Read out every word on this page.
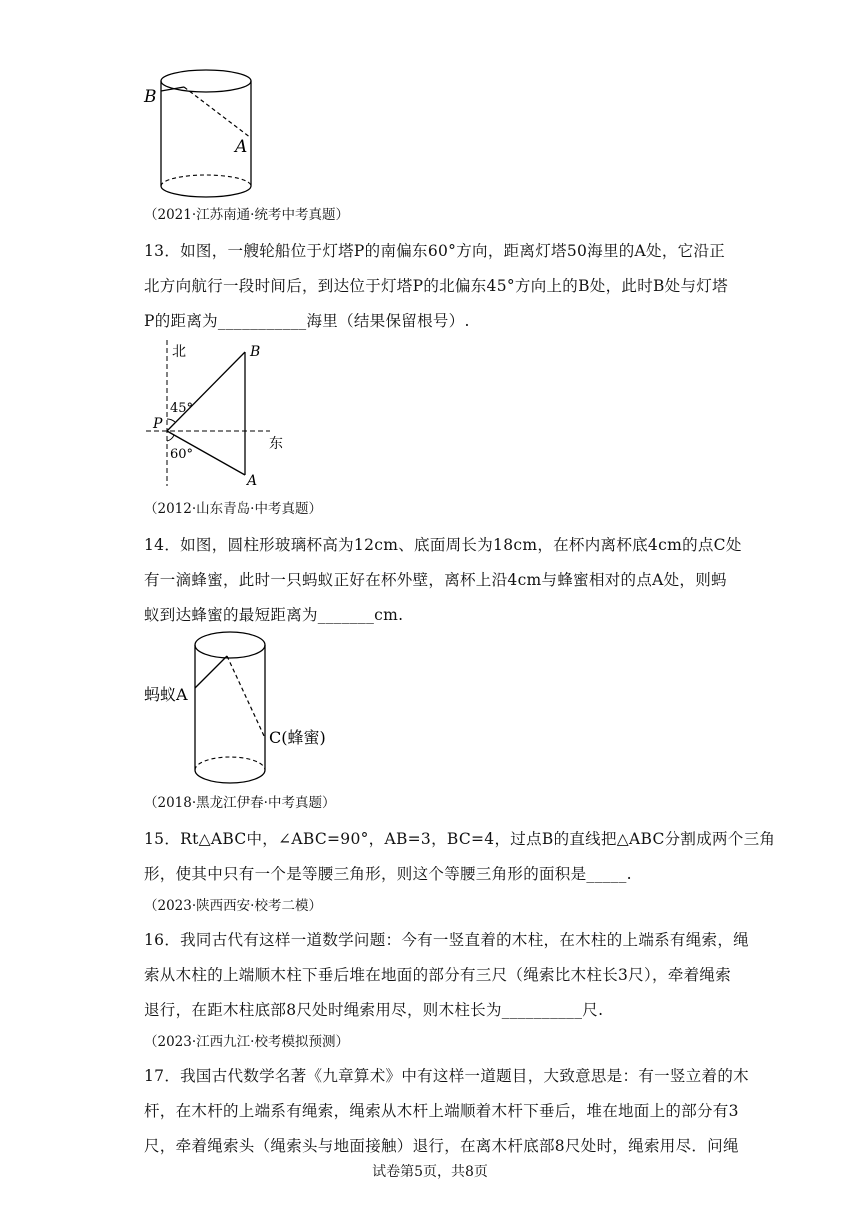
B
A
（2021·江苏南通·统考中考真题）
13．如图，一艘轮船位于灯塔P的南偏东60°方向，距离灯塔50海里的A处，它沿正
北方向航行一段时间后，到达位于灯塔P的北偏东45°方向上的B处，此时B处与灯塔
P的距离为___________海里（结果保留根号）.
北	B
45°
P
东
60°
A
（2012·山东青岛·中考真题）
14．如图，圆柱形玻璃杯高为12cm、底面周长为18cm，在杯内离杯底4cm的点C处
有一滴蜂蜜，此时一只蚂蚁正好在杯外壁，离杯上沿4cm与蜂蜜相对的点A处，则蚂
蚁到达蜂蜜的最短距离为_______cm.
蚂蚁A
C(蜂蜜)
（2018·黑龙江伊春·中考真题）
15．Rt△ABC中，∠ABC=90°，AB=3，BC=4，过点B的直线把△ABC分割成两个三角
形，使其中只有一个是等腰三角形，则这个等腰三角形的面积是_____.
（2023·陕西西安·校考二模）
16．我同古代有这样一道数学问题：今有一竖直着的木柱，在木柱的上端系有绳索，绳
索从木柱的上端顺木柱下垂后堆在地面的部分有三尺（绳索比木柱长3尺），牵着绳索
退行，在距木柱底部8尺处时绳索用尽，则木柱长为__________尺.
（2023·江西九江·校考模拟预测）
17．我国古代数学名著《九章算术》中有这样一道题目，大致意思是：有一竖立着的木
杆，在木杆的上端系有绳索，绳索从木杆上端顺着木杆下垂后，堆在地面上的部分有3
尺，牵着绳索头（绳索头与地面接触）退行，在离木杆底部8尺处时，绳索用尽．问绳
试卷第5页，共8页
